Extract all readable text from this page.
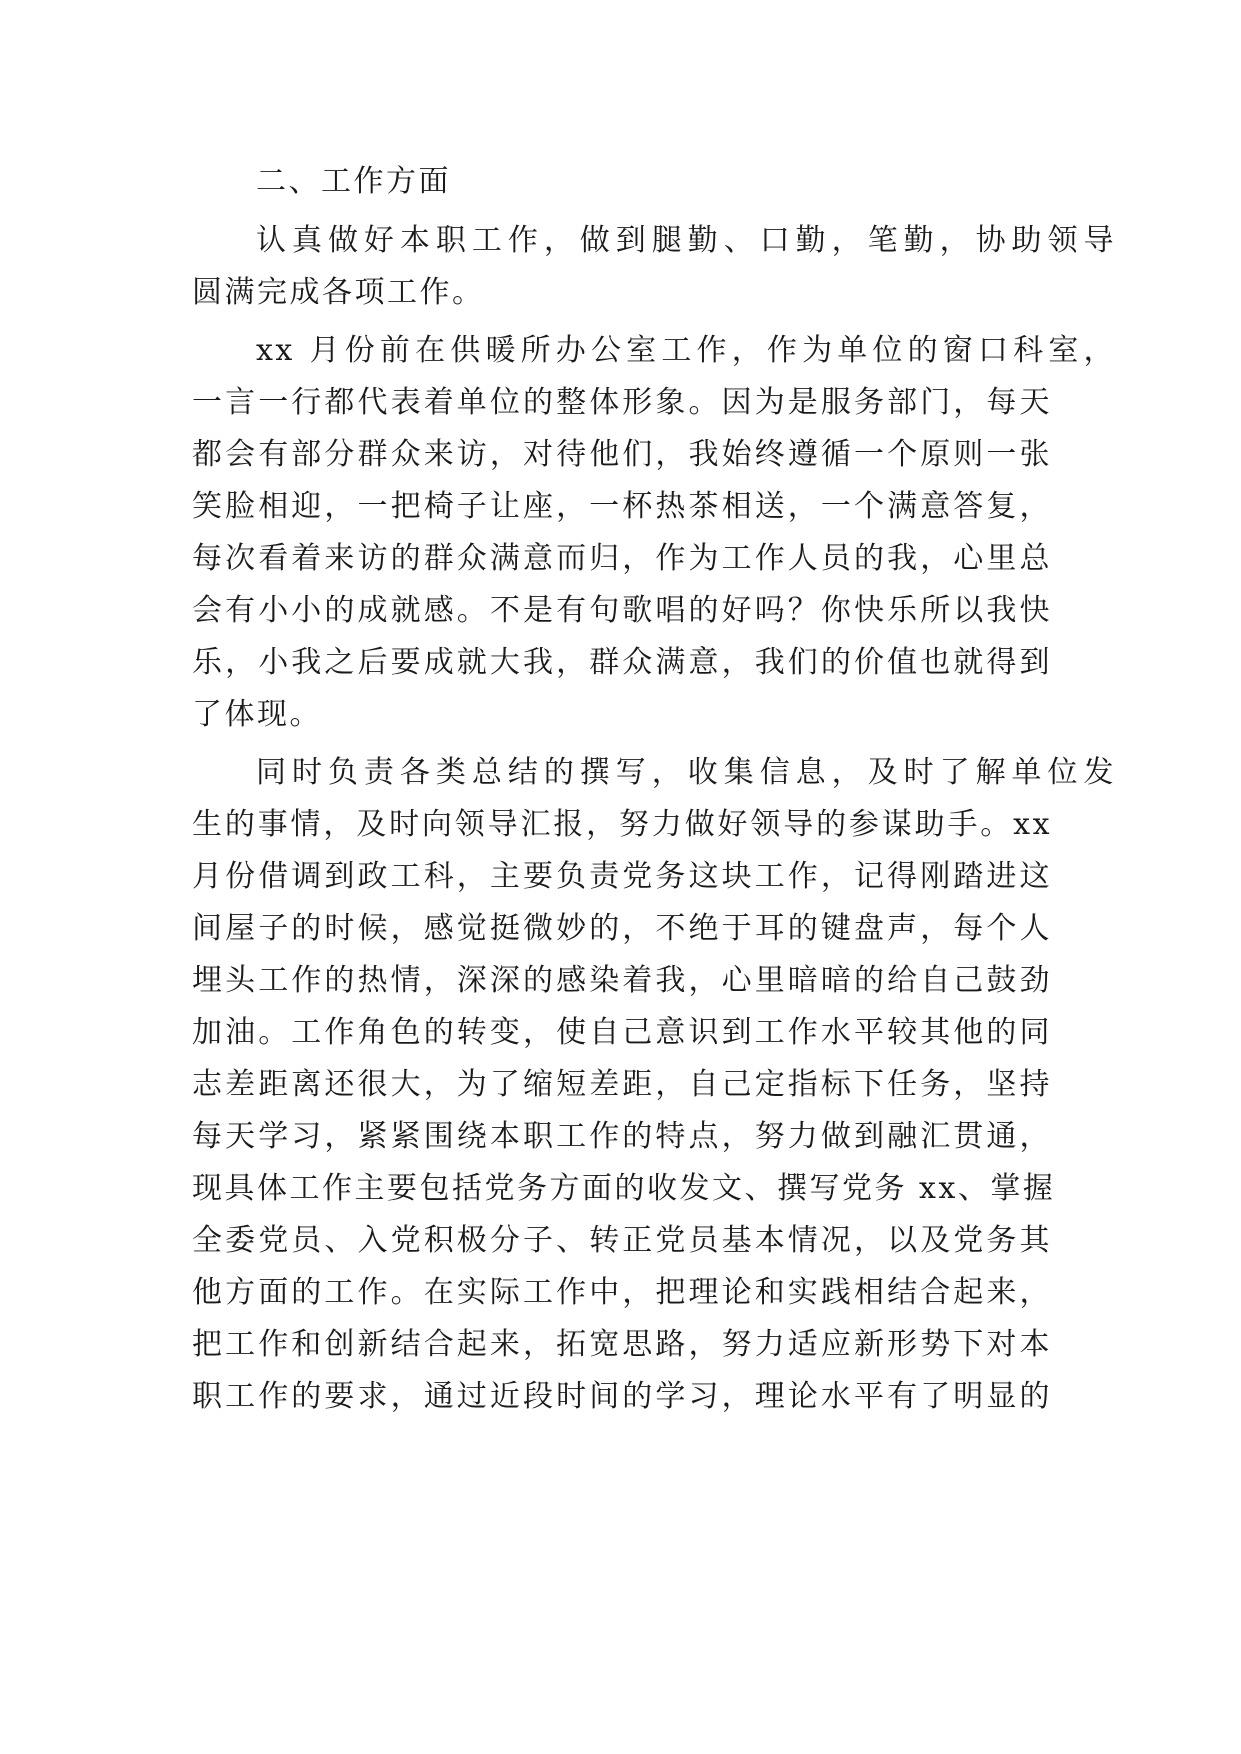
二、工作方面
认真做好本职工作，做到腿勤、口勤，笔勤，协助领导
圆满完成各项工作。
xx 月份前在供暖所办公室工作，作为单位的窗口科室，
一言一行都代表着单位的整体形象。因为是服务部门，每天
都会有部分群众来访，对待他们，我始终遵循一个原则一张
笑脸相迎，一把椅子让座，一杯热茶相送，一个满意答复，
每次看着来访的群众满意而归，作为工作人员的我，心里总
会有小小的成就感。不是有句歌唱的好吗？你快乐所以我快
乐，小我之后要成就大我，群众满意，我们的价值也就得到
了体现。
同时负责各类总结的撰写，收集信息，及时了解单位发
生的事情，及时向领导汇报，努力做好领导的参谋助手。xx
月份借调到政工科，主要负责党务这块工作，记得刚踏进这
间屋子的时候，感觉挺微妙的，不绝于耳的键盘声，每个人
埋头工作的热情，深深的感染着我，心里暗暗的给自己鼓劲
加油。工作角色的转变，使自己意识到工作水平较其他的同
志差距离还很大，为了缩短差距，自己定指标下任务，坚持
每天学习，紧紧围绕本职工作的特点，努力做到融汇贯通，
现具体工作主要包括党务方面的收发文、撰写党务 xx、掌握
全委党员、入党积极分子、转正党员基本情况，以及党务其
他方面的工作。在实际工作中，把理论和实践相结合起来，
把工作和创新结合起来，拓宽思路，努力适应新形势下对本
职工作的要求，通过近段时间的学习，理论水平有了明显的
